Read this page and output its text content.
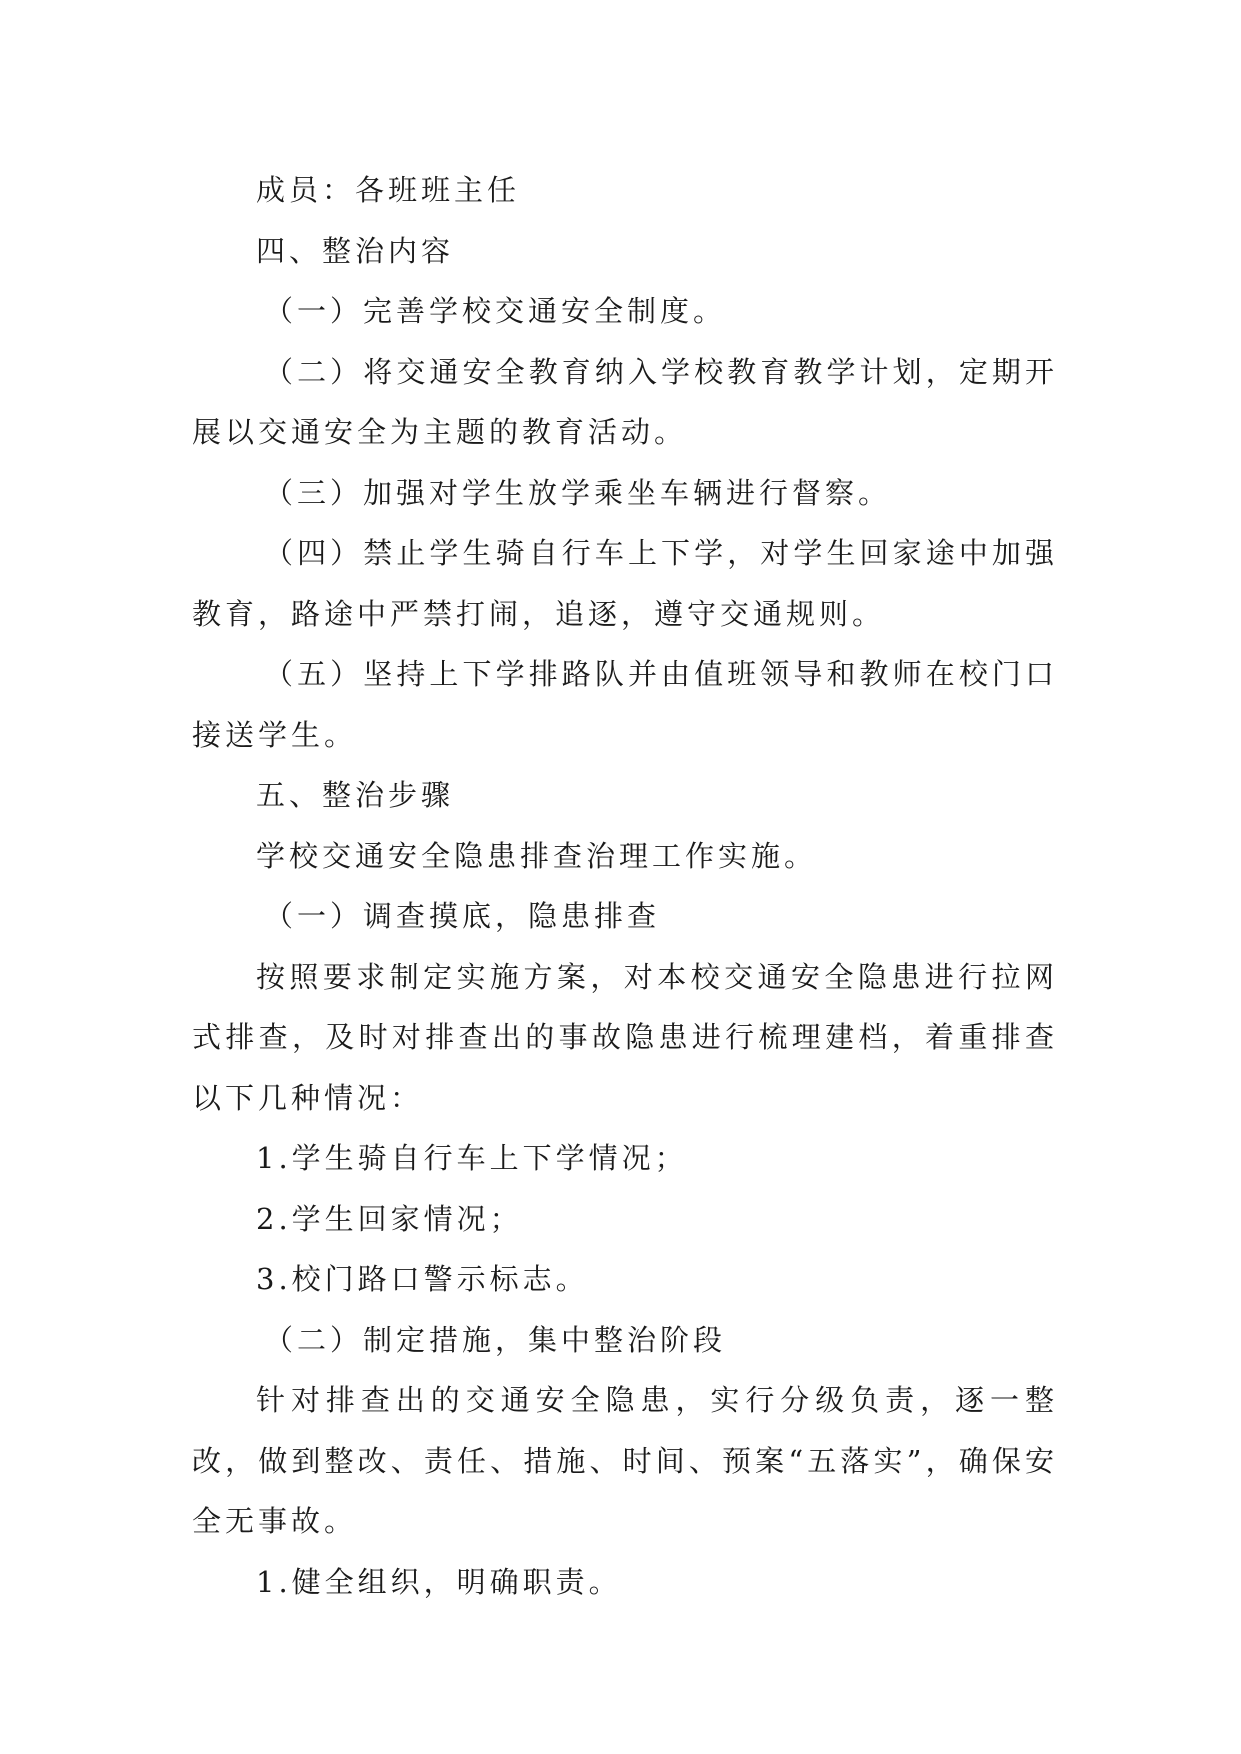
成员：各班班主任

四、整治内容

（一）完善学校交通安全制度。

（二）将交通安全教育纳入学校教育教学计划，定期开展以交通安全为主题的教育活动。

（三）加强对学生放学乘坐车辆进行督察。

（四）禁止学生骑自行车上下学，对学生回家途中加强教育，路途中严禁打闹，追逐，遵守交通规则。

（五）坚持上下学排路队并由值班领导和教师在校门口接送学生。

五、整治步骤

学校交通安全隐患排查治理工作实施。

（一）调查摸底，隐患排查

按照要求制定实施方案，对本校交通安全隐患进行拉网式排查，及时对排查出的事故隐患进行梳理建档，着重排查以下几种情况：

1.学生骑自行车上下学情况；

2.学生回家情况；

3.校门路口警示标志。

（二）制定措施，集中整治阶段

针对排查出的交通安全隐患，实行分级负责，逐一整改，做到整改、责任、措施、时间、预案“五落实”，确保安全无事故。

1.健全组织，明确职责。
